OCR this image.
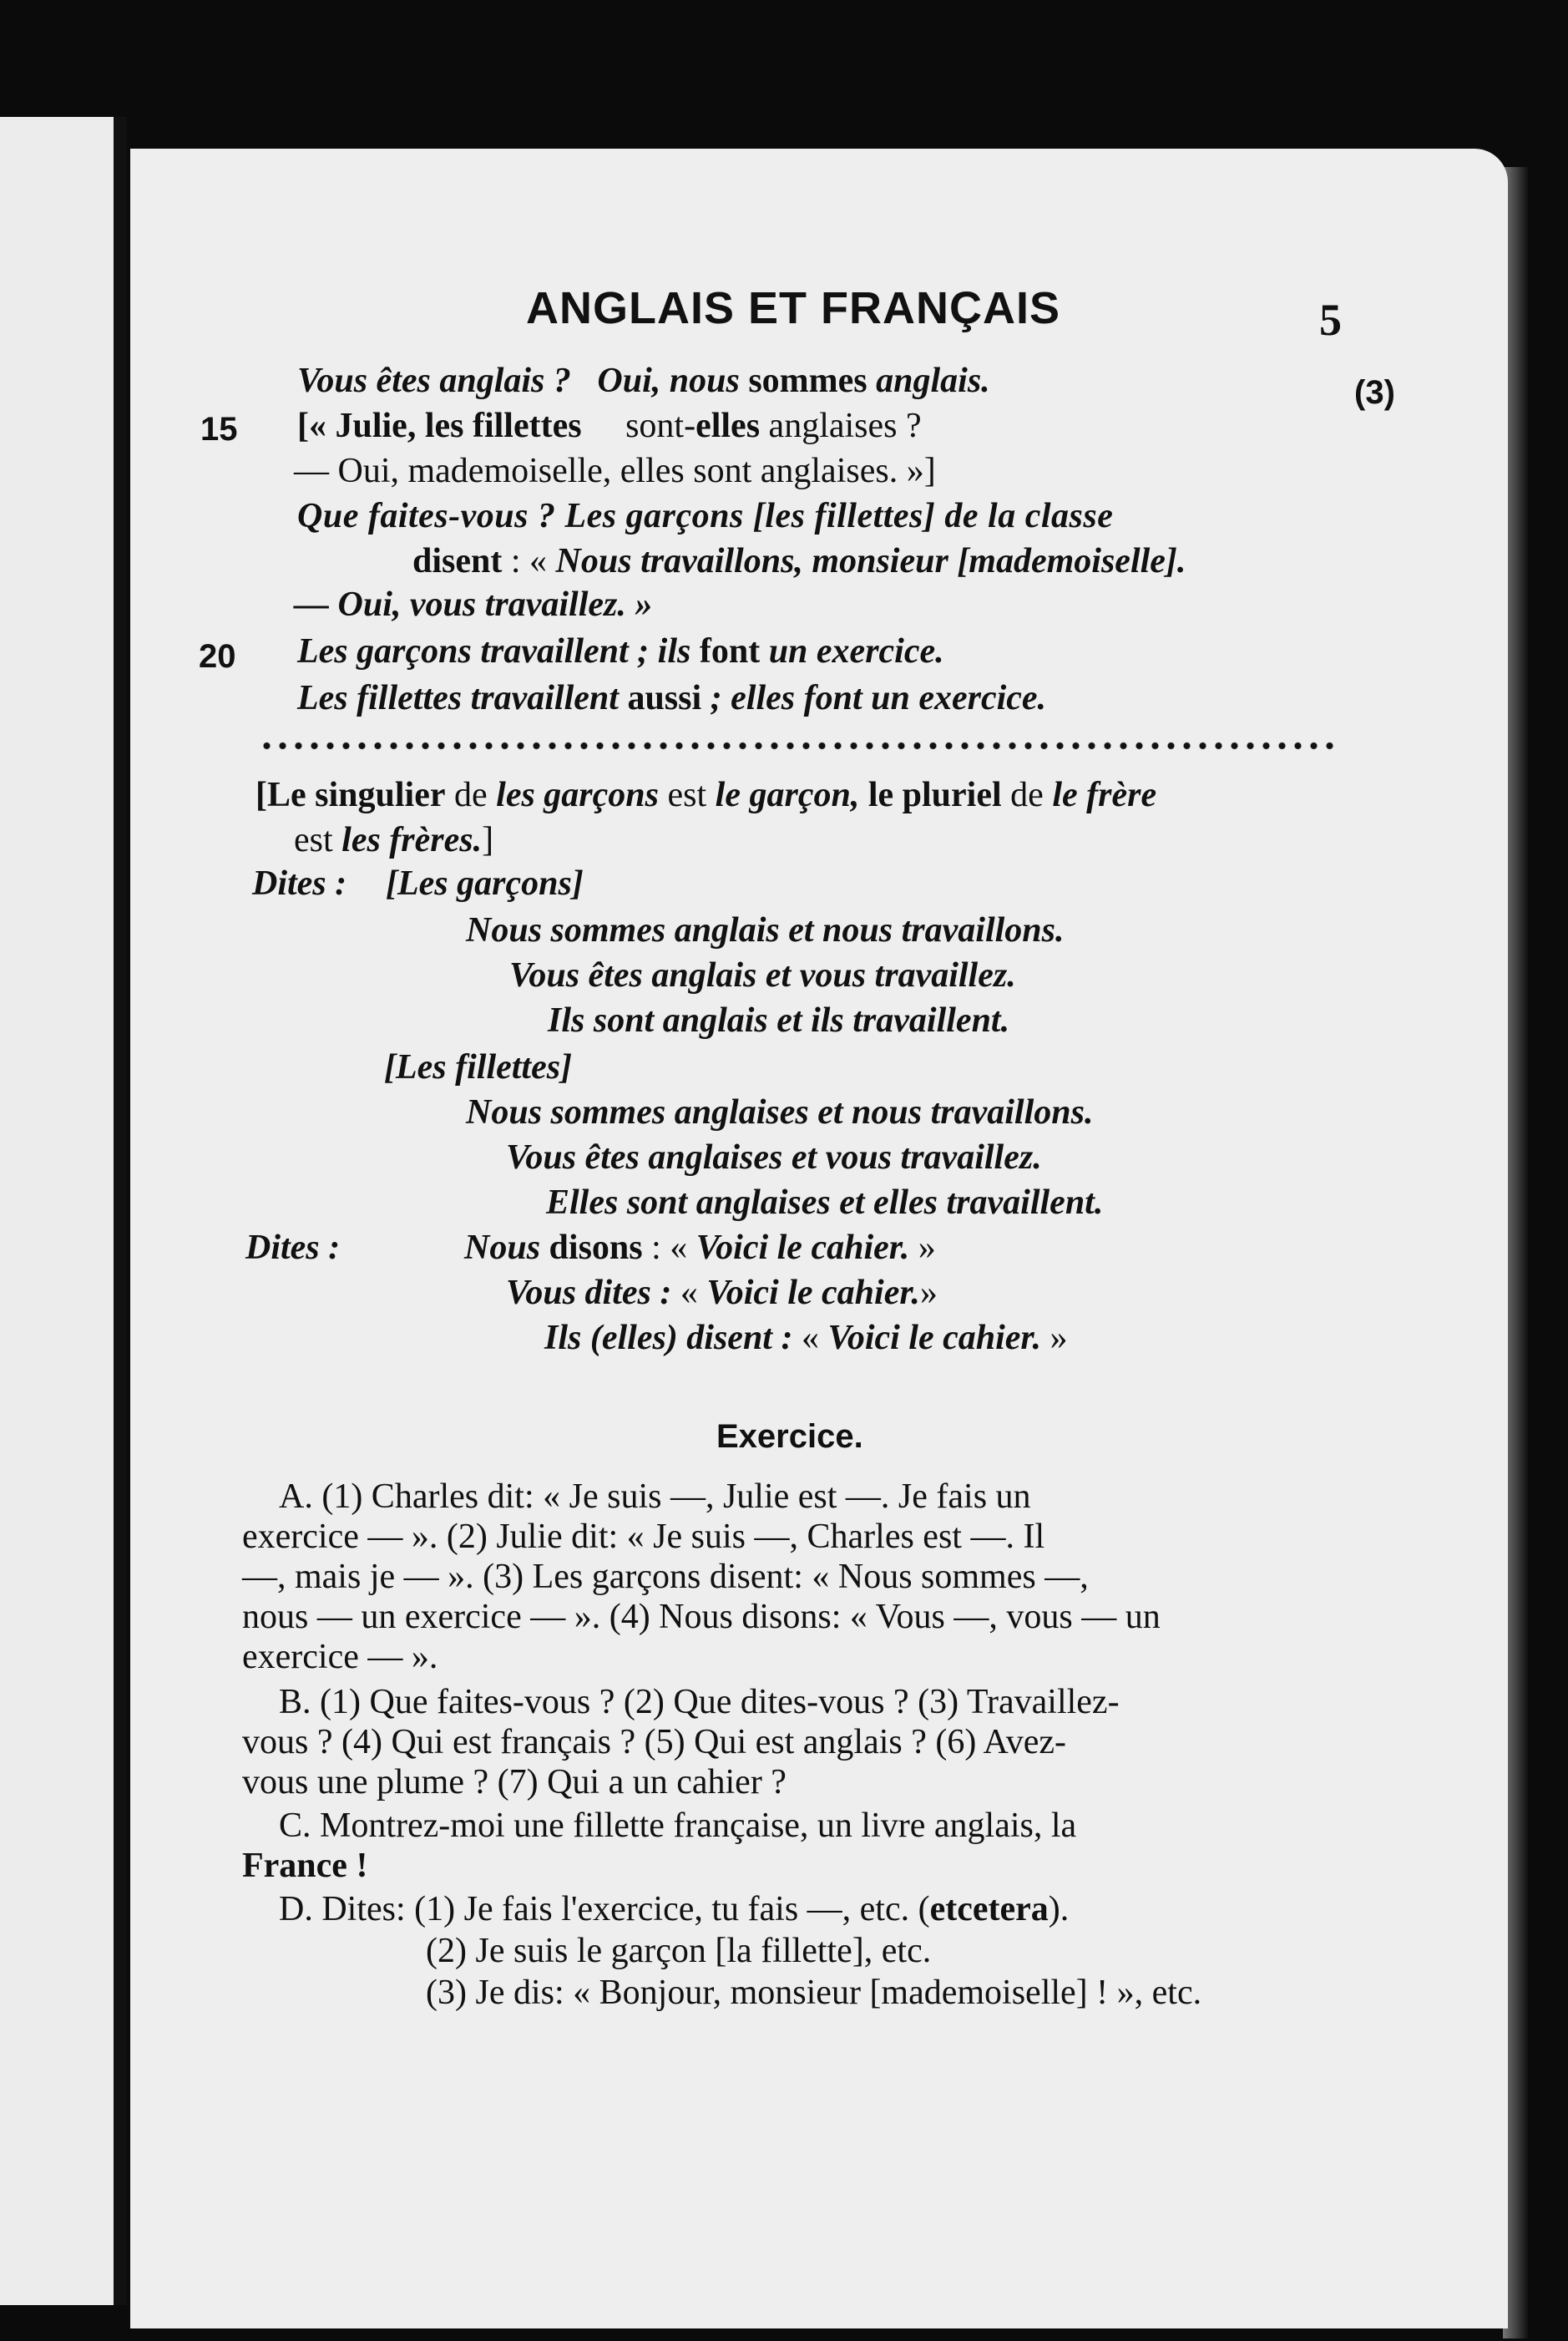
ANGLAIS ET FRANÇAIS	5
(3)
15
20
Vous êtes anglais ? Oui, nous sommes anglais.
[« Julie, les fillettes sont-elles anglaises ?
— Oui, mademoiselle, elles sont anglaises. »]
Que faites-vous ? Les garçons [les fillettes] de la classe
disent : « Nous travaillons, monsieur [mademoiselle].
— Oui, vous travaillez. »
Les garçons travaillent ; ils font un exercice.
Les fillettes travaillent aussi ; elles font un exercice.
[Le singulier de les garçons est le garçon, le pluriel de le frère
est les frères.]
Dites : [Les garçons]
Nous sommes anglais et nous travaillons.
Vous êtes anglais et vous travaillez.
Ils sont anglais et ils travaillent.
[Les fillettes]
Nous sommes anglaises et nous travaillons.
Vous êtes anglaises et vous travaillez.
Elles sont anglaises et elles travaillent.
Dites :	Nous disons : « Voici le cahier. »
Vous dites : « Voici le cahier.»
Ils (elles) disent : « Voici le cahier. »
Exercice.
A. (1) Charles dit: « Je suis —, Julie est —. Je fais un
exercice — ». (2) Julie dit: « Je suis —, Charles est —. Il
—, mais je — ». (3) Les garçons disent: « Nous sommes —,
nous — un exercice — ». (4) Nous disons: « Vous —, vous — un
exercice — ».
B. (1) Que faites-vous ? (2) Que dites-vous ? (3) Travaillez-
vous ? (4) Qui est français ? (5) Qui est anglais ? (6) Avez-
vous une plume ? (7) Qui a un cahier ?
C. Montrez-moi une fillette française, un livre anglais, la
France !
D. Dites: (1) Je fais l'exercice, tu fais —, etc. (etcetera).
(2) Je suis le garçon [la fillette], etc.
(3) Je dis: « Bonjour, monsieur [mademoiselle] ! », etc.
